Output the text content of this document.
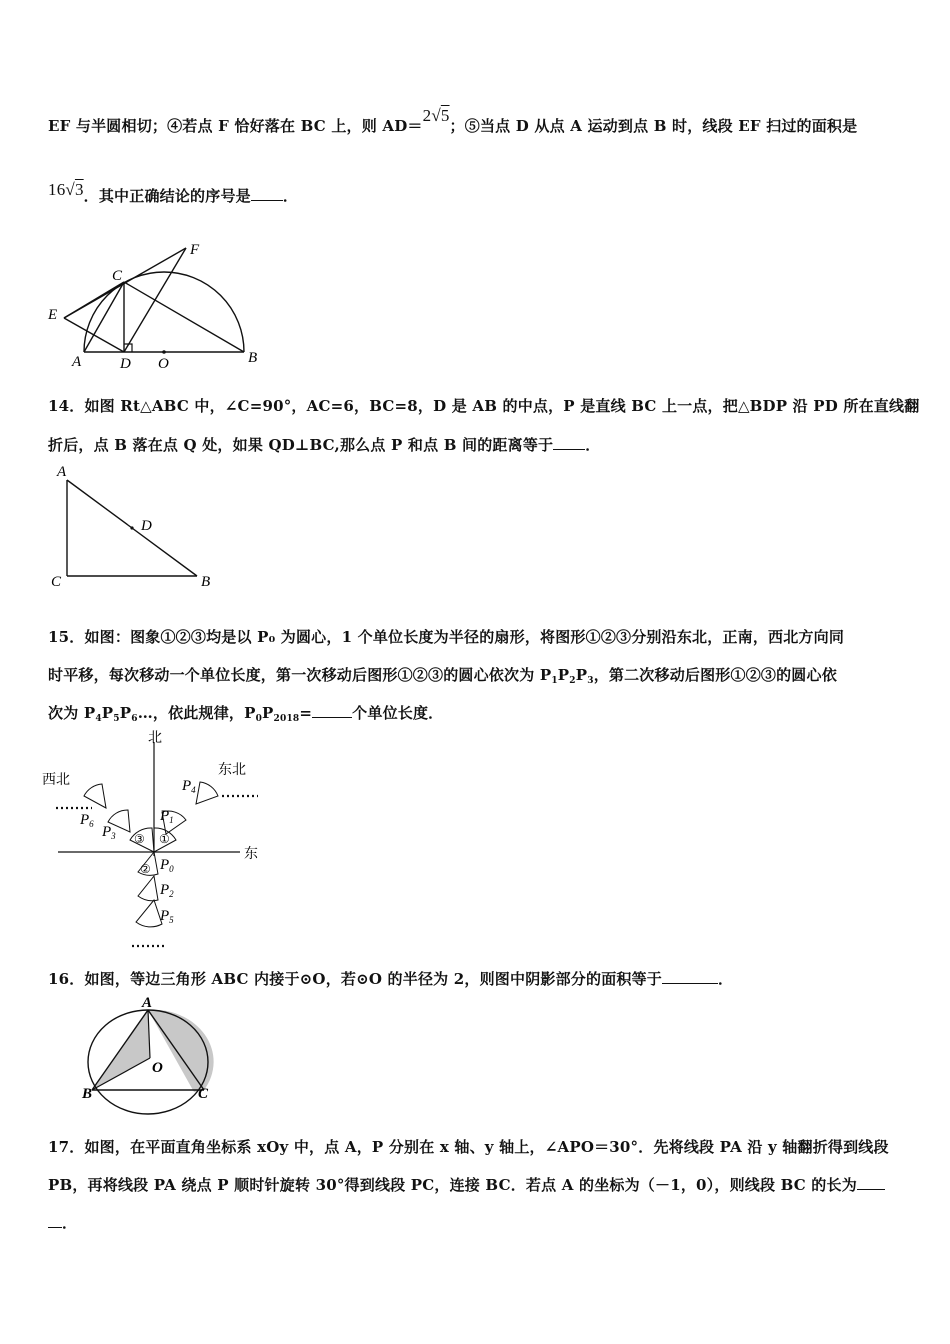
EF 与半圆相切；④若点 F 恰好落在 BC 上，则 AD＝2√5；⑤当点 D 从点 A 运动到点 B 时，线段 EF 扫过的面积是
16√3．其中正确结论的序号是 ．
F
C
E
A	D O	B
14．如图 Rt△ABC 中，∠C=90°，AC=6，BC=8，D 是 AB 的中点，P 是直线 BC 上一点，把△BDP 沿 PD 所在直线翻
折后，点 B 落在点 Q 处，如果 QD⊥BC,那么点 P 和点 B 间的距离等于 ．
A
D
C	B
15．如图：图象①②③均是以 P₀ 为圆心，1 个单位长度为半径的扇形，将图形①②③分别沿东北，正南，西北方向同
时平移，每次移动一个单位长度，第一次移动后图形①②③的圆心依次为 $P_1P_2P_3$，第二次移动后图形①②③的圆心依
次为 $P_4P_5P_6\dots$，依此规律，$P_0P_{2018}=$	个单位长度．
北
东
东北
西北
①
③
② $P_0$
$P_1$
$P_2$
$P_3$
$P_4$
$P_5$
$P_6$
16．如图，等边三角形 ABC 内接于⊙O，若⊙O 的半径为 2，则图中阴影部分的面积等于	．
A
O
B	C
17．如图，在平面直角坐标系 xOy 中，点 A，P 分别在 x 轴、y 轴上，∠APO＝30°．先将线段 PA 沿 y 轴翻折得到线段
PB，再将线段 PA 绕点 P 顺时针旋转 30°得到线段 PC，连接 BC．若点 A 的坐标为（－1，0），则线段 BC 的长为
．
